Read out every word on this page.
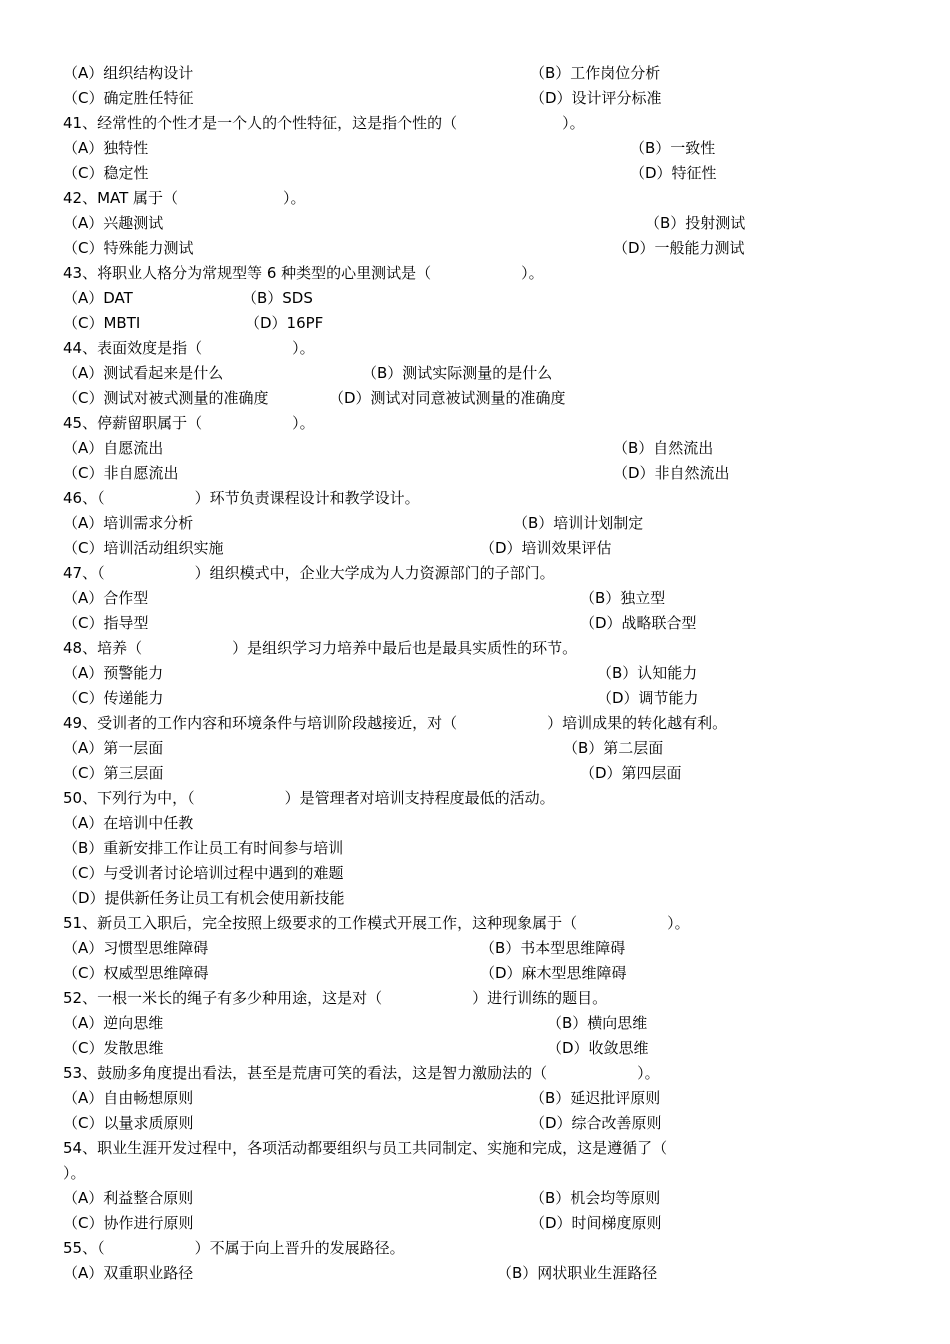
（A）组织结构设计	（B）工作岗位分析
（C）确定胜任特征	（D）设计评分标准
41、经常性的个性才是一个人的个性特征，这是指个性的（　　　　　　　）。
（A）独特性	（B）一致性
（C）稳定性	（D）特征性
42、MAT 属于（　　　　　　　）。
（A）兴趣测试	（B）投射测试
（C）特殊能力测试	（D）一般能力测试
43、将职业人格分为常规型等 6 种类型的心里测试是（　　　　　　）。
（A）DAT	（B）SDS
（C）MBTI	（D）16PF
44、表面效度是指（　　　　　　）。
（A）测试看起来是什么	（B）测试实际测量的是什么
（C）测试对被式测量的准确度	（D）测试对同意被试测量的准确度
45、停薪留职属于（　　　　　　）。
（A）自愿流出	（B）自然流出
（C）非自愿流出	（D）非自然流出
46、（　　　　　　）环节负责课程设计和教学设计。
（A）培训需求分析	（B）培训计划制定
（C）培训活动组织实施	（D）培训效果评估
47、（　　　　　　）组织模式中，企业大学成为人力资源部门的子部门。
（A）合作型	（B）独立型
（C）指导型	（D）战略联合型
48、培养（　　　　　　）是组织学习力培养中最后也是最具实质性的环节。
（A）预警能力	（B）认知能力
（C）传递能力	（D）调节能力
49、受训者的工作内容和环境条件与培训阶段越接近，对（　　　　　　）培训成果的转化越有利。
（A）第一层面	（B）第二层面
（C）第三层面	（D）第四层面
50、下列行为中，（　　　　　　）是管理者对培训支持程度最低的活动。
（A）在培训中任教
（B）重新安排工作让员工有时间参与培训
（C）与受训者讨论培训过程中遇到的难题
（D）提供新任务让员工有机会使用新技能
51、新员工入职后，完全按照上级要求的工作模式开展工作，这种现象属于（　　　　　　）。
（A）习惯型思维障碍	（B）书本型思维障碍
（C）权威型思维障碍	（D）麻木型思维障碍
52、一根一米长的绳子有多少种用途，这是对（　　　　　　）进行训练的题目。
（A）逆向思维	（B）横向思维
（C）发散思维	（D）收敛思维
53、鼓励多角度提出看法，甚至是荒唐可笑的看法，这是智力激励法的（　　　　　　）。
（A）自由畅想原则	（B）延迟批评原则
（C）以量求质原则	（D）综合改善原则
54、职业生涯开发过程中，各项活动都要组织与员工共同制定、实施和完成，这是遵循了（
）。
（A）利益整合原则	（B）机会均等原则
（C）协作进行原则	（D）时间梯度原则
55、（　　　　　　）不属于向上晋升的发展路径。
（A）双重职业路径	（B）网状职业生涯路径
